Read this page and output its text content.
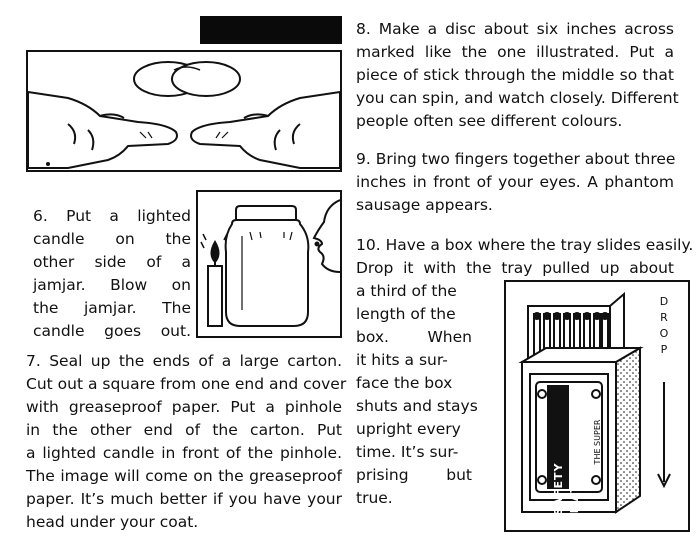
6. Put a lighted
candle on the
other side of a
jamjar. Blow on
the jamjar. The
candle goes out.
7. Seal up the ends of a large carton.
Cut out a square from one end and cover
with greaseproof paper. Put a pinhole
in the other end of the carton. Put
a lighted candle in front of the pinhole.
The image will come on the greaseproof
paper. It’s much better if you have your
head under your coat.
8. Make a disc about six inches across
marked like the one illustrated. Put a
piece of stick through the middle so that
you can spin, and watch closely. Different
people often see different colours.
9. Bring two fingers together about three
inches in front of your eyes. A phantom
sausage appears.
10. Have a box where the tray slides easily.
Drop it with the tray pulled up about
a third of the
length of the
box. When
it hits a sur-
face the box
shuts and stays
upright every
time. It’s sur-
prising but
true.	SAFETY MATCH
THE SUPER
D
R
O
P
